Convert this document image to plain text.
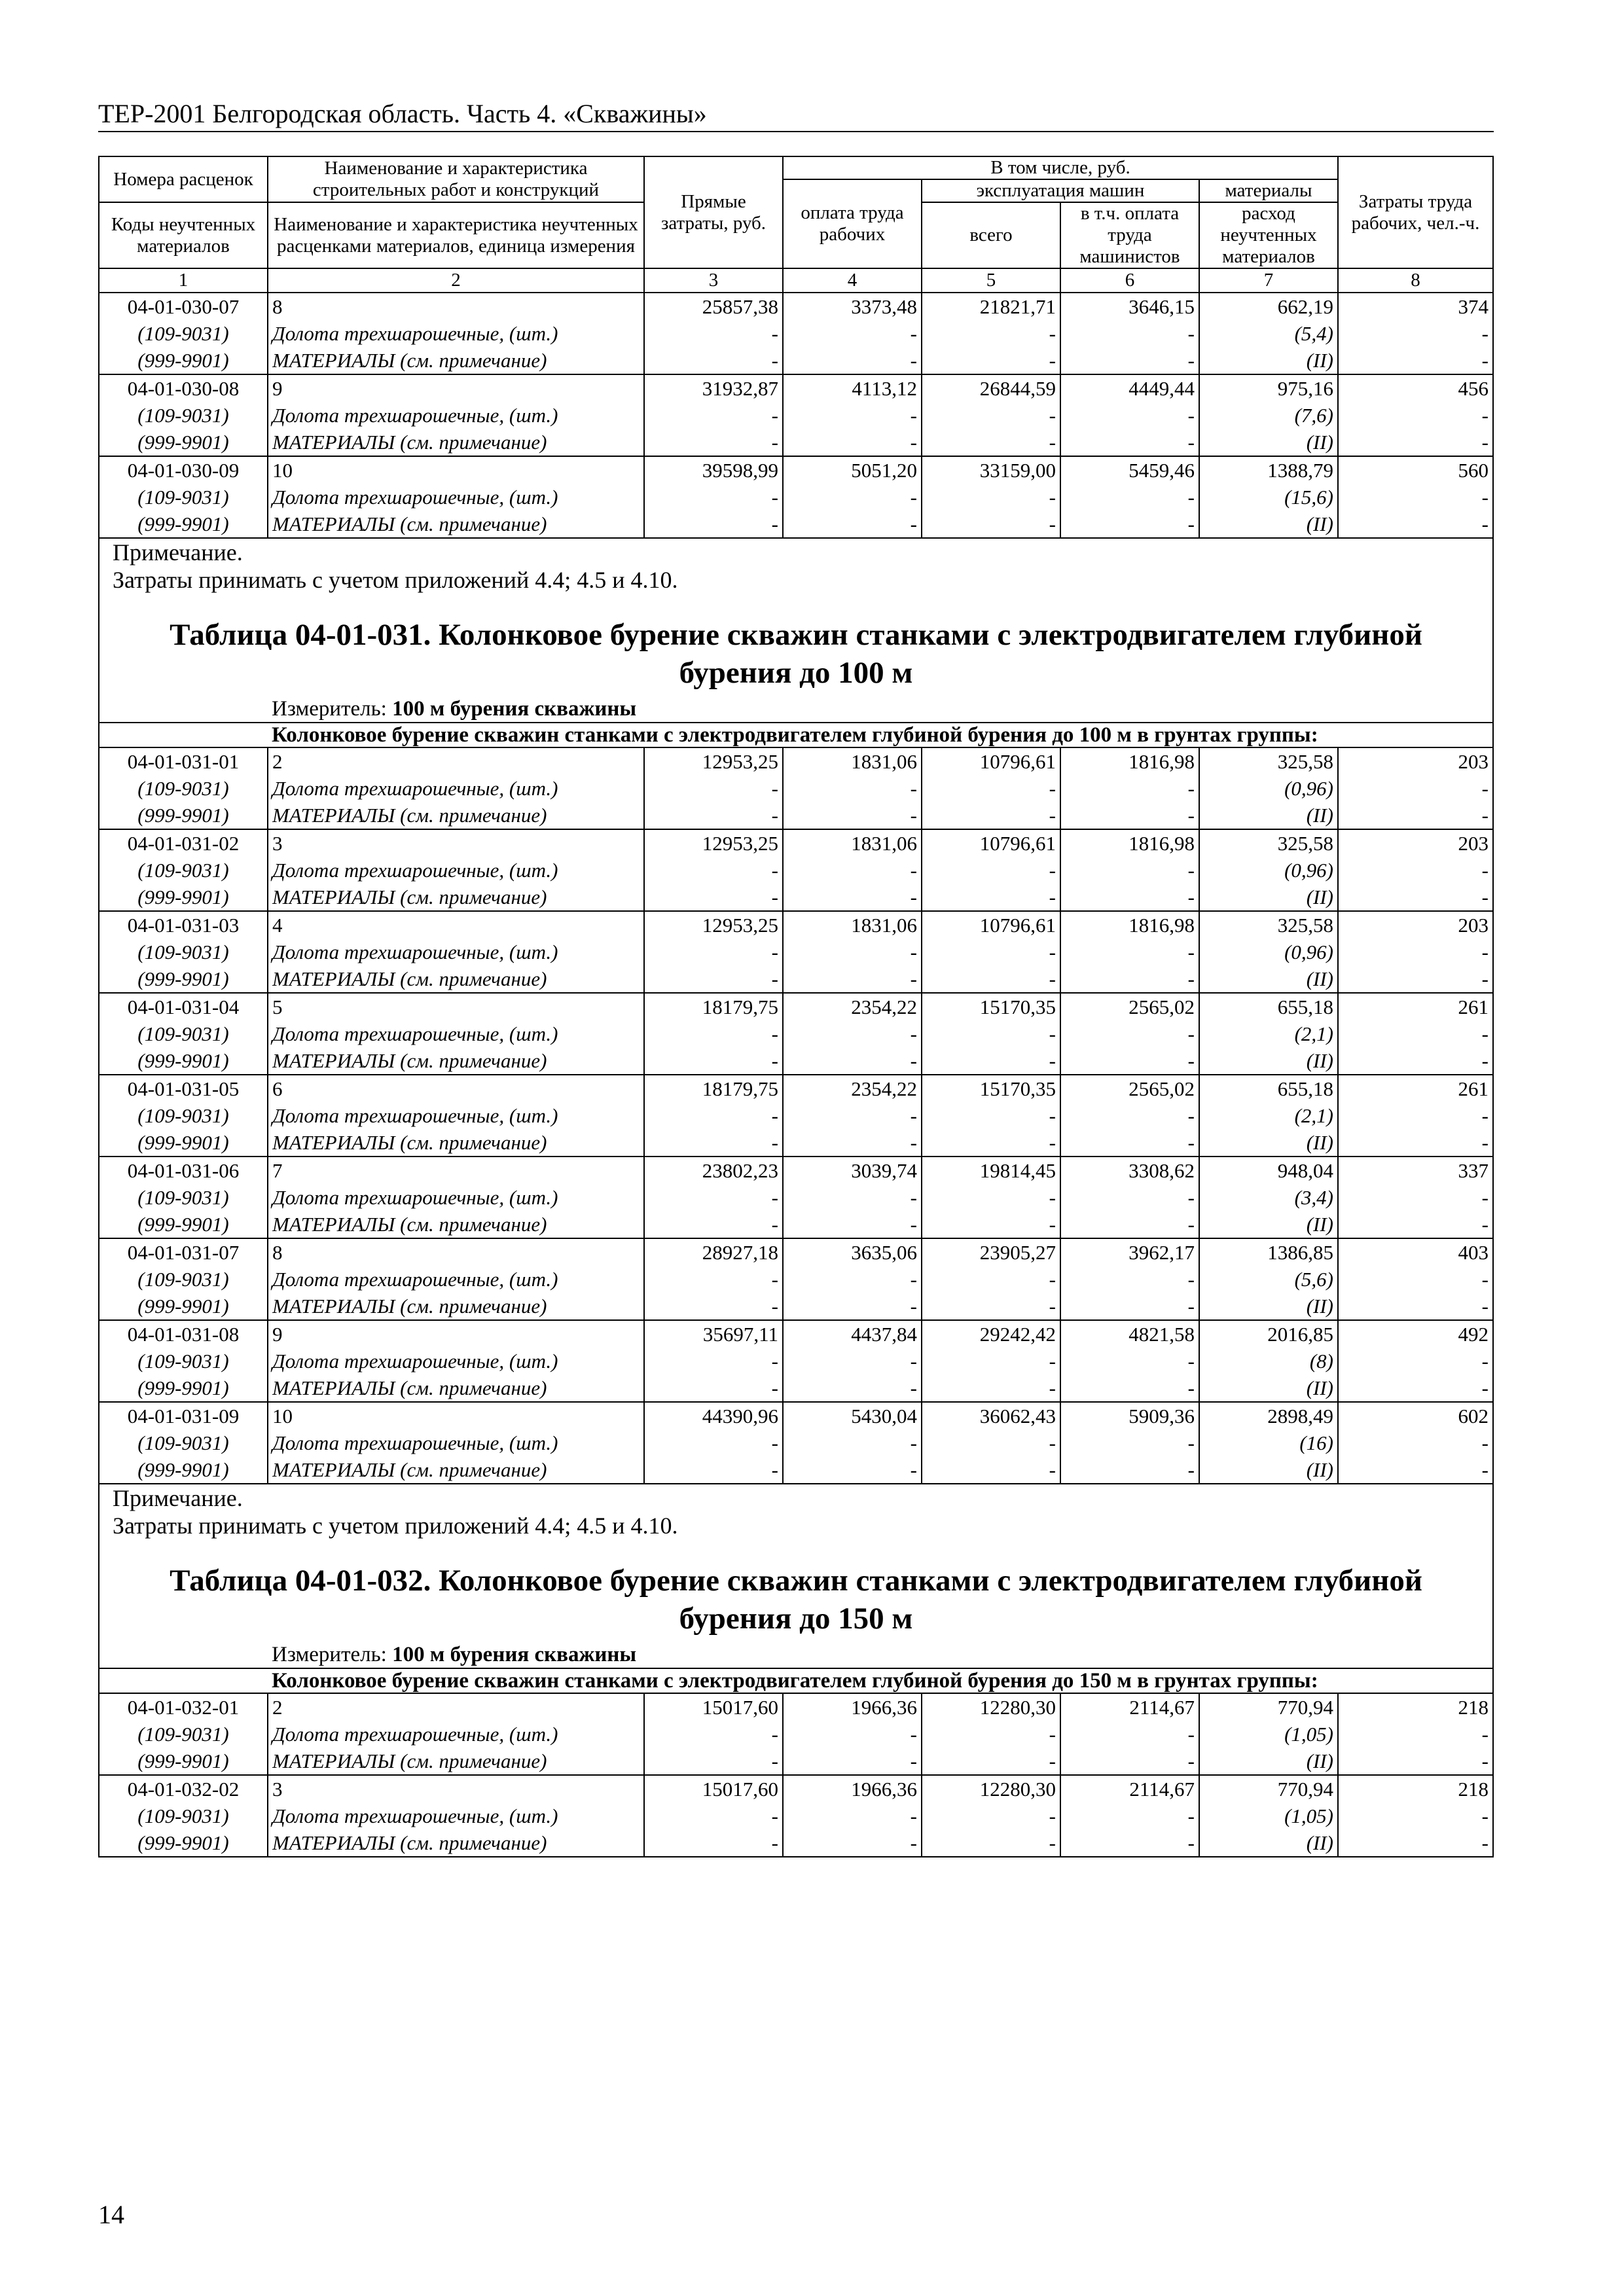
ТЕР-2001 Белгородская область. Часть 4. «Скважины»
Номера расценок	Наименование и характеристика строительных работ и конструкций	Прямые затраты, руб.	В том числе, руб.				Затраты труда рабочих, чел.-ч.
			оплата труда рабочих	эксплуатация машин		материалы	
Коды неучтенных материалов	Наименование и характеристика неучтенных расценками материалов, единица измерения			всего	в т.ч. оплата труда машинистов	расход неучтенных материалов	

1	2	3	4	5	6	7	8
04-01-030-07	8	25857,38	3373,48	21821,71	3646,15	662,19	374
(109-9031)	Долота трехшарошечные, (шт.)	-	-	-	-	(5,4)	-
(999-9901)	МАТЕРИАЛЫ (см. примечание)	-	-	-	-	(II)	-
04-01-030-08	9	31932,87	4113,12	26844,59	4449,44	975,16	456
(109-9031)	Долота трехшарошечные, (шт.)	-	-	-	-	(7,6)	-
(999-9901)	МАТЕРИАЛЫ (см. примечание)	-	-	-	-	(II)	-
04-01-030-09	10	39598,99	5051,20	33159,00	5459,46	1388,79	560
(109-9031)	Долота трехшарошечные, (шт.)	-	-	-	-	(15,6)	-
(999-9901)	МАТЕРИАЛЫ (см. примечание)	-	-	-	-	(II)	-
Примечание.							
Затраты принимать с учетом приложений 4.4; 4.5 и 4.10.							
Таблица 04-01-031. Колонковое бурение скважин станками с электродвигателем глубиной бурения до 100 м							
	Измеритель: 100 м бурения скважины						
	Колонковое бурение скважин станками с электродвигателем глубиной бурения до 100 м в грунтах группы:						
04-01-031-01	2	12953,25	1831,06	10796,61	1816,98	325,58	203
(109-9031)	Долота трехшарошечные, (шт.)	-	-	-	-	(0,96)	-
(999-9901)	МАТЕРИАЛЫ (см. примечание)	-	-	-	-	(II)	-
04-01-031-02	3	12953,25	1831,06	10796,61	1816,98	325,58	203
(109-9031)	Долота трехшарошечные, (шт.)	-	-	-	-	(0,96)	-
(999-9901)	МАТЕРИАЛЫ (см. примечание)	-	-	-	-	(II)	-
04-01-031-03	4	12953,25	1831,06	10796,61	1816,98	325,58	203
(109-9031)	Долота трехшарошечные, (шт.)	-	-	-	-	(0,96)	-
(999-9901)	МАТЕРИАЛЫ (см. примечание)	-	-	-	-	(II)	-
04-01-031-04	5	18179,75	2354,22	15170,35	2565,02	655,18	261
(109-9031)	Долота трехшарошечные, (шт.)	-	-	-	-	(2,1)	-
(999-9901)	МАТЕРИАЛЫ (см. примечание)	-	-	-	-	(II)	-
04-01-031-05	6	18179,75	2354,22	15170,35	2565,02	655,18	261
(109-9031)	Долота трехшарошечные, (шт.)	-	-	-	-	(2,1)	-
(999-9901)	МАТЕРИАЛЫ (см. примечание)	-	-	-	-	(II)	-
04-01-031-06	7	23802,23	3039,74	19814,45	3308,62	948,04	337
(109-9031)	Долота трехшарошечные, (шт.)	-	-	-	-	(3,4)	-
(999-9901)	МАТЕРИАЛЫ (см. примечание)	-	-	-	-	(II)	-
04-01-031-07	8	28927,18	3635,06	23905,27	3962,17	1386,85	403
(109-9031)	Долота трехшарошечные, (шт.)	-	-	-	-	(5,6)	-
(999-9901)	МАТЕРИАЛЫ (см. примечание)	-	-	-	-	(II)	-
04-01-031-08	9	35697,11	4437,84	29242,42	4821,58	2016,85	492
(109-9031)	Долота трехшарошечные, (шт.)	-	-	-	-	(8)	-
(999-9901)	МАТЕРИАЛЫ (см. примечание)	-	-	-	-	(II)	-
04-01-031-09	10	44390,96	5430,04	36062,43	5909,36	2898,49	602
(109-9031)	Долота трехшарошечные, (шт.)	-	-	-	-	(16)	-
(999-9901)	МАТЕРИАЛЫ (см. примечание)	-	-	-	-	(II)	-
Примечание.							
Затраты принимать с учетом приложений 4.4; 4.5 и 4.10.							
Таблица 04-01-032. Колонковое бурение скважин станками с электродвигателем глубиной бурения до 150 м							
	Измеритель: 100 м бурения скважины						
	Колонковое бурение скважин станками с электродвигателем глубиной бурения до 150 м в грунтах группы:						
04-01-032-01	2	15017,60	1966,36	12280,30	2114,67	770,94	218
(109-9031)	Долота трехшарошечные, (шт.)	-	-	-	-	(1,05)	-
(999-9901)	МАТЕРИАЛЫ (см. примечание)	-	-	-	-	(II)	-
04-01-032-02	3	15017,60	1966,36	12280,30	2114,67	770,94	218
(109-9031)	Долота трехшарошечные, (шт.)	-	-	-	-	(1,05)	-
(999-9901)	МАТЕРИАЛЫ (см. примечание)	-	-	-	-	(II)	-
14
